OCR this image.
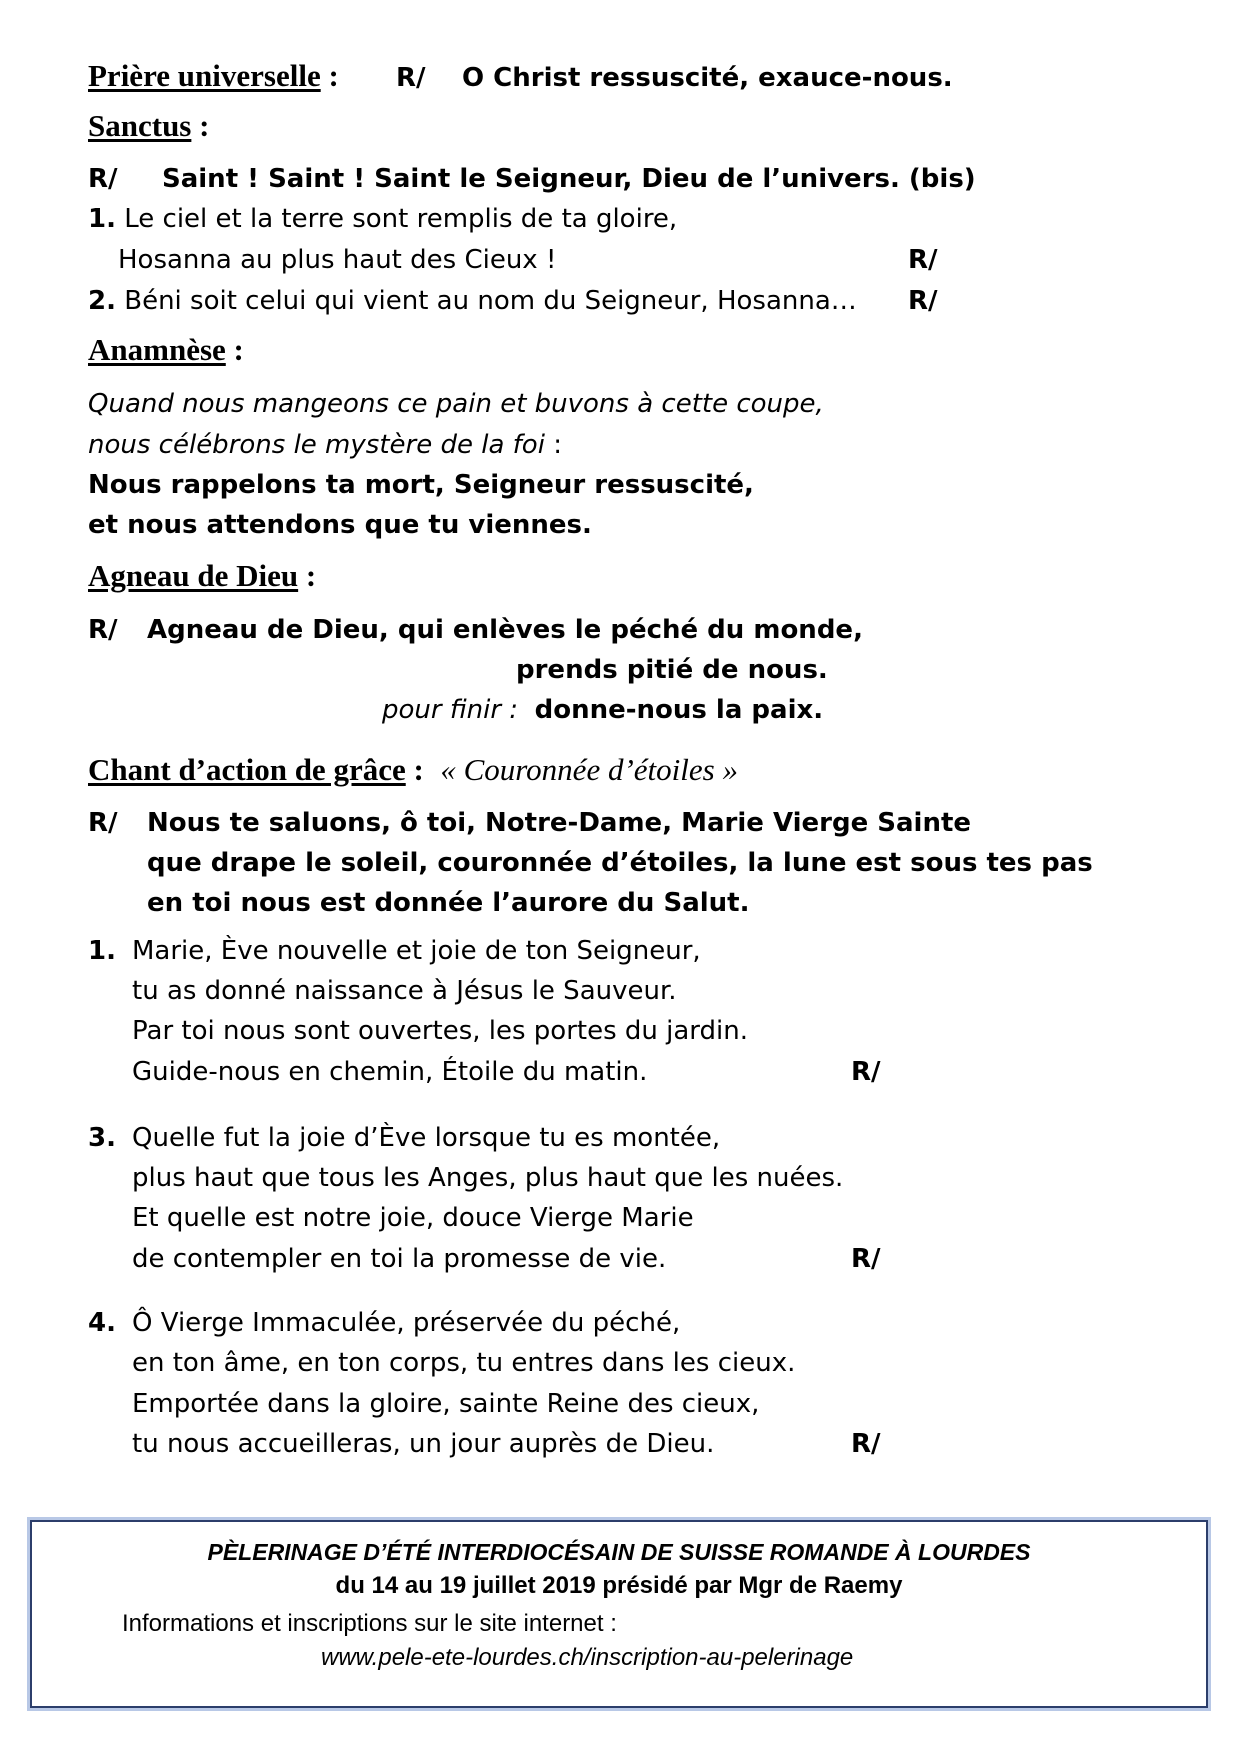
Prière universelle : R/ O Christ ressuscité, exauce-nous.
Sanctus :
R/ Saint ! Saint ! Saint le Seigneur, Dieu de l’univers. (bis)
1. Le ciel et la terre sont remplis de ta gloire,
Hosanna au plus haut des Cieux !	R/
2. Béni soit celui qui vient au nom du Seigneur, Hosanna… R/
Anamnèse :
Quand nous mangeons ce pain et buvons à cette coupe,
nous célébrons le mystère de la foi :
Nous rappelons ta mort, Seigneur ressuscité,
et nous attendons que tu viennes.
Agneau de Dieu :
R/ Agneau de Dieu, qui enlèves le péché du monde,
prends pitié de nous.
pour finir : donne-nous la paix.
Chant d’action de grâce : « Couronnée d’étoiles »
R/ Nous te saluons, ô toi, Notre-Dame, Marie Vierge Sainte
que drape le soleil, couronnée d’étoiles, la lune est sous tes pas
en toi nous est donnée l’aurore du Salut.
1. Marie, Ève nouvelle et joie de ton Seigneur,
tu as donné naissance à Jésus le Sauveur.
Par toi nous sont ouvertes, les portes du jardin.
Guide-nous en chemin, Étoile du matin.	R/
3. Quelle fut la joie d’Ève lorsque tu es montée,
plus haut que tous les Anges, plus haut que les nuées.
Et quelle est notre joie, douce Vierge Marie
de contempler en toi la promesse de vie.	R/
4. Ô Vierge Immaculée, préservée du péché,
en ton âme, en ton corps, tu entres dans les cieux.
Emportée dans la gloire, sainte Reine des cieux,
tu nous accueilleras, un jour auprès de Dieu.	R/
PÈLERINAGE D’ÉTÉ INTERDIOCÉSAIN DE SUISSE ROMANDE À LOURDES
du 14 au 19 juillet 2019 présidé par Mgr de Raemy
Informations et inscriptions sur le site internet :
www.pele-ete-lourdes.ch/inscription-au-pelerinage
